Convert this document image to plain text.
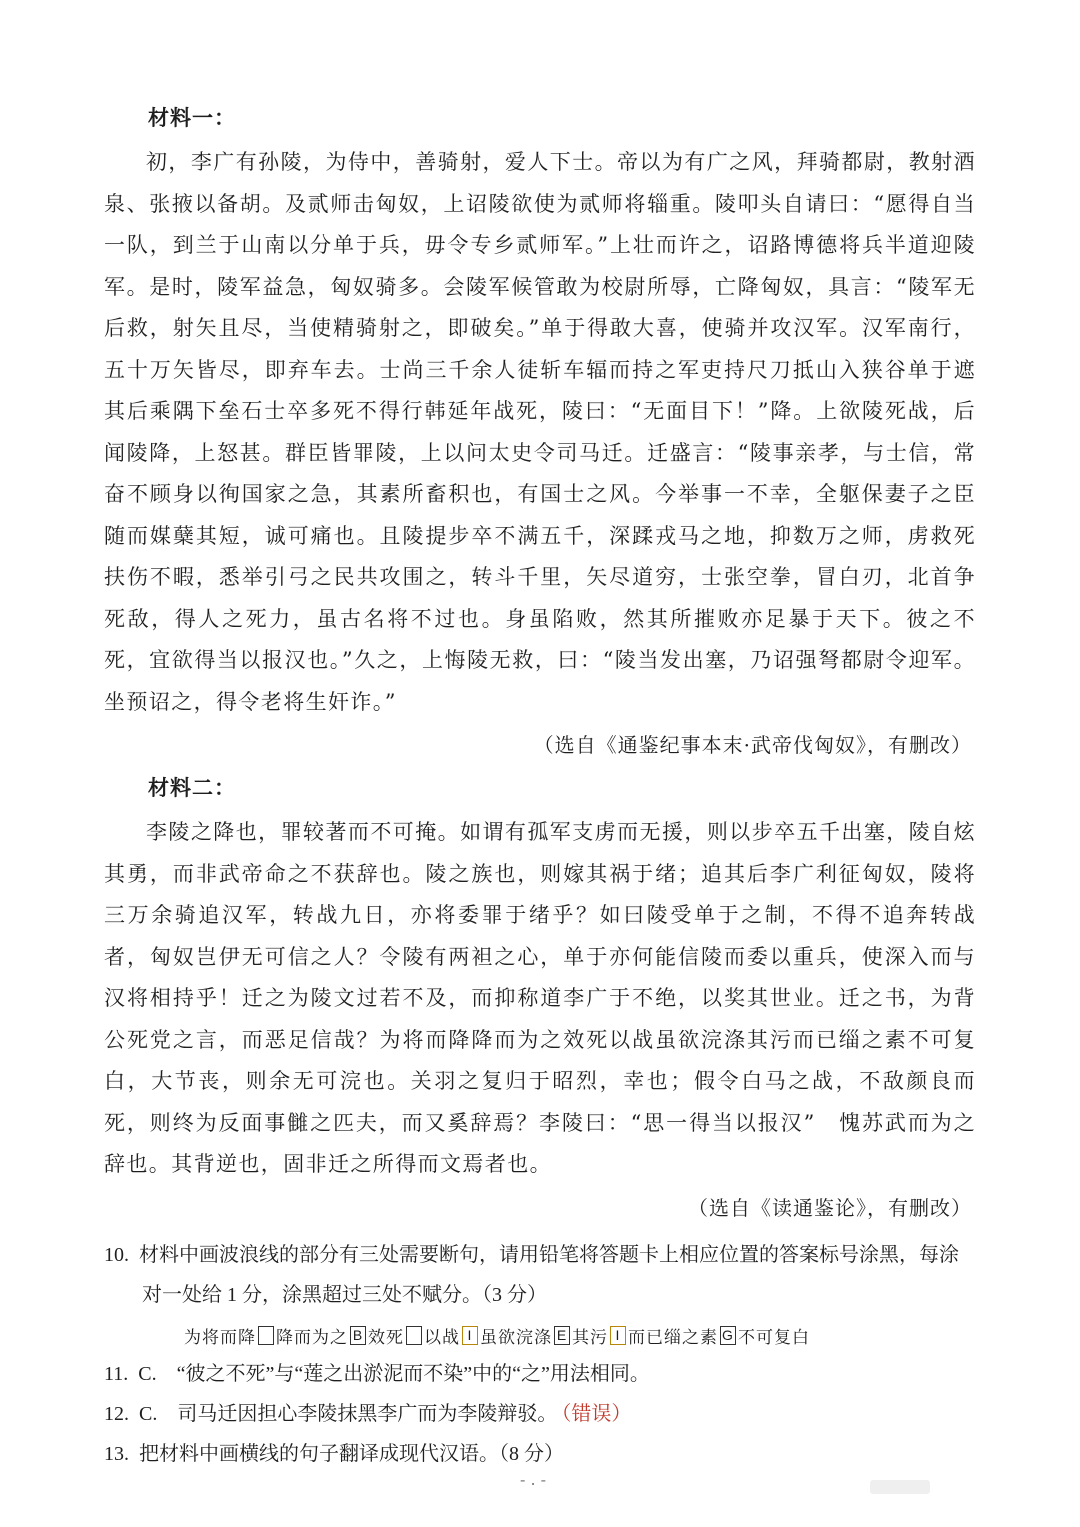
材料一：

初，李广有孙陵，为侍中，善骑射，爱人下士。帝以为有广之风，拜骑都尉，教射酒泉、张掖以备胡。及贰师击匈奴，上诏陵欲使为贰师将辎重。陵叩头自请曰：“愿得自当一队，到兰于山南以分单于兵，毋令专乡贰师军。”上壮而许之，诏路博德将兵半道迎陵军。是时，陵军益急，匈奴骑多。会陵军候管敢为校尉所辱，亡降匈奴，具言：“陵军无后救，射矢且尽，当使精骑射之，即破矣。”单于得敢大喜，使骑并攻汉军。汉军南行，五十万矢皆尽，即弃车去。士尚三千余人徒斩车辐而持之军吏持尺刀抵山入狭谷单于遮其后乘隅下垒石士卒多死不得行韩延年战死，陵曰：“无面目下！”降。上欲陵死战，后闻陵降，上怒甚。群臣皆罪陵，上以问太史令司马迁。迁盛言：“陵事亲孝，与士信，常奋不顾身以徇国家之急，其素所畜积也，有国士之风。今举事一不幸，全躯保妻子之臣随而媒蘖其短，诚可痛也。且陵提步卒不满五千，深蹂戎马之地，抑数万之师，虏救死扶伤不暇，悉举引弓之民共攻围之，转斗千里，矢尽道穷，士张空拳，冒白刃，北首争死敌，得人之死力，虽古名将不过也。身虽陷败，然其所摧败亦足暴于天下。彼之不死，宜欲得当以报汉也。”久之，上悔陵无救，曰：“陵当发出塞，乃诏强弩都尉令迎军。坐预诏之，得令老将生奸诈。”

（选自《通鉴纪事本末·武帝伐匈奴》，有删改）
材料二：

李陵之降也，罪较著而不可掩。如谓有孤军支虏而无援，则以步卒五千出塞，陵自炫其勇，而非武帝命之不获辞也。陵之族也，则嫁其祸于绪；追其后李广利征匈奴，陵将三万余骑追汉军，转战九日，亦将委罪于绪乎？如曰陵受单于之制，不得不追奔转战者，匈奴岂伊无可信之人？令陵有两袒之心，单于亦何能信陵而委以重兵，使深入而与汉将相持乎！迁之为陵文过若不及，而抑称道李广于不绝，以奖其世业。迁之书，为背公死党之言，而恶足信哉？为将而降降而为之效死以战虽欲浣涤其污而已缁之素不可复白，大节丧，则余无可浣也。关羽之复归于昭烈，幸也；假令白马之战，不敌颜良而死，则终为反面事雠之匹夫，而又奚辞焉？李陵曰：“思一得当以报汉”　愧苏武而为之辞也。其背逆也，固非迁之所得而文焉者也。

（选自《读通鉴论》，有删改）

10. 材料中画波浪线的部分有三处需要断句，请用铅笔将答题卡上相应位置的答案标号涂黑，每涂对一处给 1 分，涂黑超过三处不赋分。（3 分）

为将而降 降而为之 B 效死 以战 I 虽欲浣涤 E 其污 I 而已缁之素 G 不可复白

11. C.　“彼之不死”与“莲之出淤泥而不染”中的“之”用法相同。

12. C.　司马迁因担心李陵抹黑李广而为李陵辩驳。 （错误）

13. 把材料中画横线的句子翻译成现代汉语。（8 分）

- . -
